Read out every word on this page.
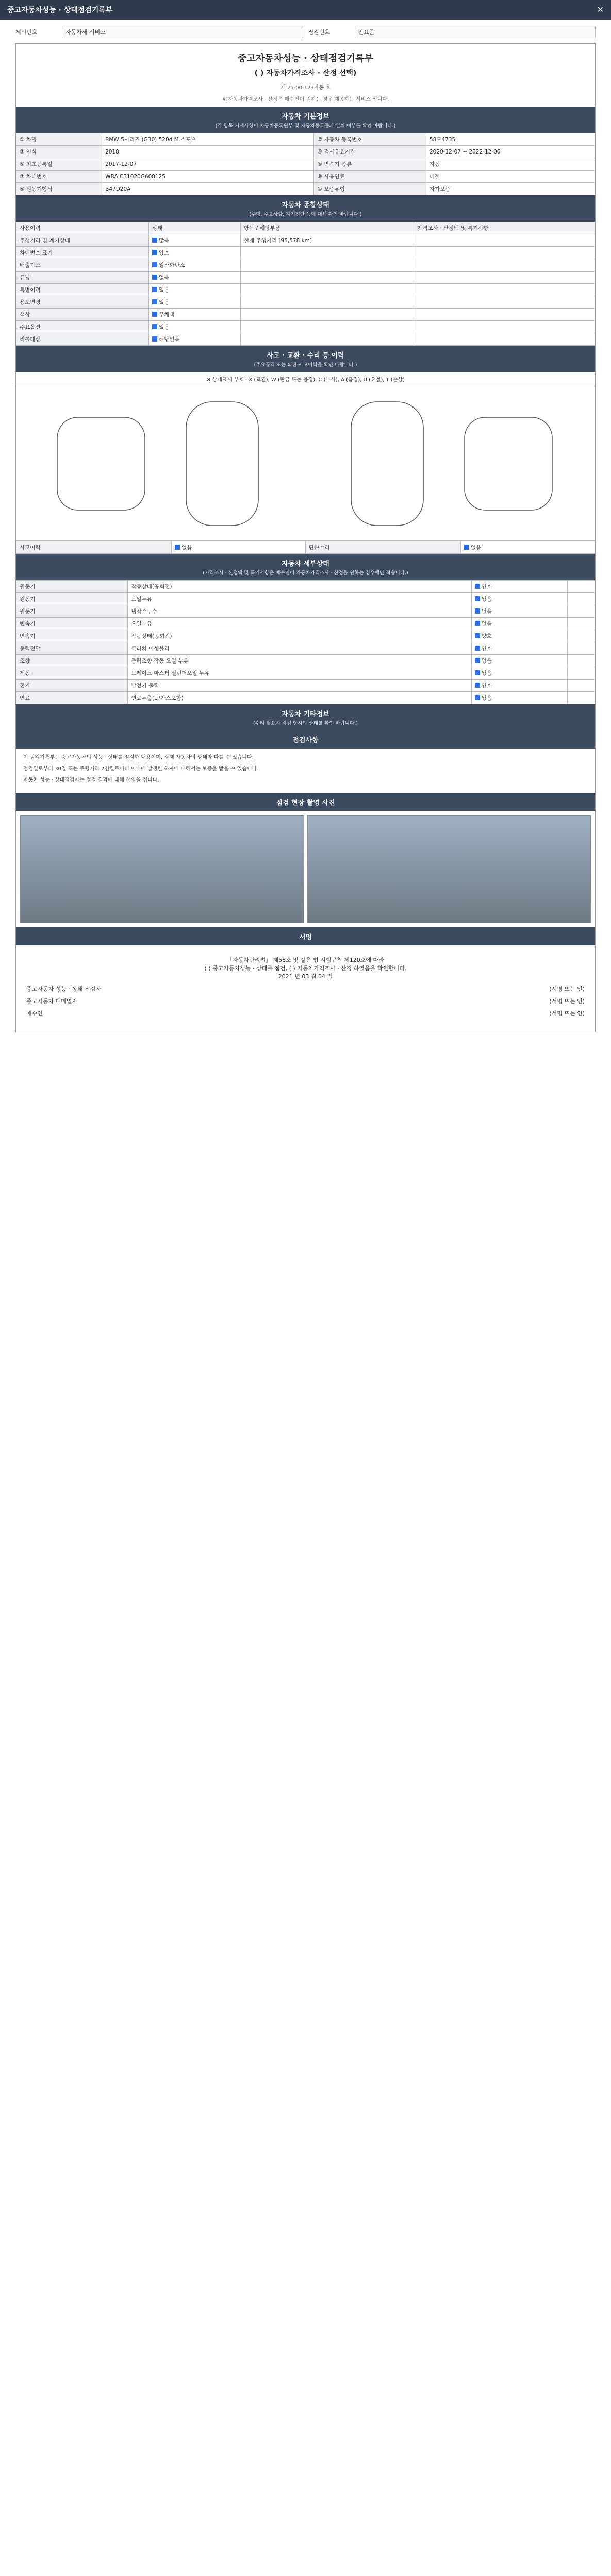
중고자동차성능 · 상태점검기록부	✕
제시번호	자동차세 서비스	점검번호	판표준
중고자동차성능 · 상태점검기록부
( ) 자동차가격조사 · 산정 선택)
제 25-00-123자동 호
※ 자동차가격조사 · 산정은 매수인이 원하는 경우 제공하는 서비스 입니다.
자동차 기본정보
(각 항목 기재사항이 자동차등록원부 및 자동차등록증과 일치 여부를 확인 바랍니다.)
① 차명	BMW 5시리즈 (G30) 520d M 스포츠	② 자동차 등록번호	58모4735
③ 연식	2018	④ 검사유효기간	2020-12-07 ~ 2022-12-06
⑤ 최초등록일	2017-12-07	⑥ 변속기 종류	자동
⑦ 차대번호	WBAJC31020G608125	⑧ 사용연료	디젤
⑨ 원동기형식	B47D20A	⑩ 보증유형	자가보증
자동차 종합상태
(주행, 주요사항, 자기진단 등에 대해 확인 바랍니다.)
사용이력	상태	항목 / 해당부품	가격조사 · 산정액 및 특기사항
주행거리 및 계기상태	많음	현재 주행거리 [95,578 km]	
차대번호 표기	양호		
배출가스	일산화탄소		
튜닝	없음		
특별이력	없음		
용도변경	없음		
색상	무채색		
주요옵션	없음		
리콜대상	해당없음		
사고 · 교환 · 수리 등 이력
(주요골격 또는 외판 사고이력을 확인 바랍니다.)
※ 상태표시 부호 : X (교환), W (판금 또는 용접), C (부식), A (흠집), U (요철), T (손상)
사고이력	없음	단순수리	없음
자동차 세부상태
(가격조사 · 산정액 및 특기사항은 매수인이 자동차가격조사 · 산정을 원하는 경우에만 적습니다.)
원동기	작동상태(공회전)	양호	
원동기	오일누유	없음	
원동기	냉각수누수	없음	
변속기	오일누유	없음	
변속기	작동상태(공회전)	양호	
동력전달	클러치 어셈블리	양호	
조향	동력조향 작동 오일 누유	없음	
제동	브레이크 마스터 실린더오일 누유	없음	
전기	발전기 출력	양호	
연료	연료누출(LP가스포함)	없음	
자동차 기타정보
(수리 필요시 점검 당시의 상태를 확인 바랍니다.)
점검사항

이 점검기록부는 중고자동차의 성능 · 상태를 점검한 내용이며, 실제 자동차의 상태와 다를 수 있습니다.

점검일로부터 30일 또는 주행거리 2천킬로미터 이내에 발생한 하자에 대해서는 보증을 받을 수 있습니다.

자동차 성능 · 상태점검자는 점검 결과에 대해 책임을 집니다.

점검 현장 촬영 사진
서명

「자동차관리법」 제58조 및 같은 법 시행규칙 제120조에 따라

( ) 중고자동차성능 · 상태를 점검, ( ) 자동차가격조사 · 산정 하였음을 확인합니다.

2021 년 03 월 04 일

중고자동차 성능 · 상태 점검자	(서명 또는 인)
중고자동차 매매업자	(서명 또는 인)
매수인	(서명 또는 인)
